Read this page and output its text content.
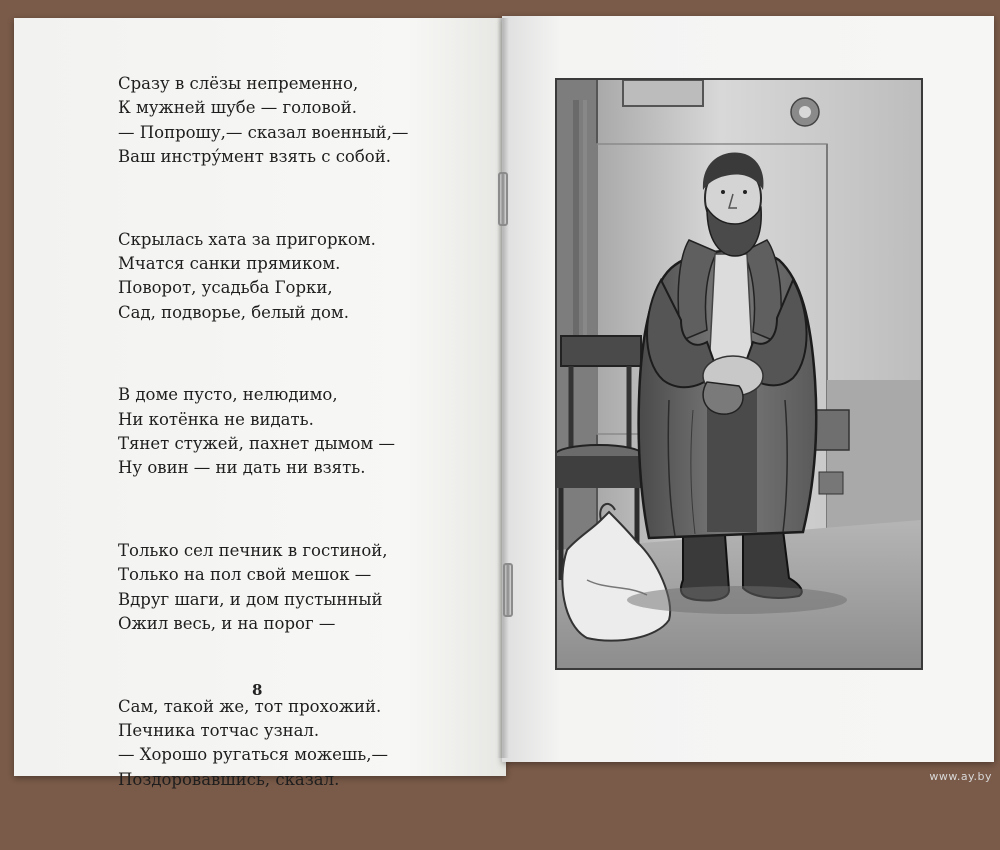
Сразу в слёзы непременно,
К мужней шубе — головой.
— Попрошу,— сказал военный,—
Ваш инстру́мент взять с собой.
Скрылась хата за пригорком.
Мчатся санки прямиком.
Поворот, усадьба Горки,
Сад, подворье, белый дом.
В доме пусто, нелюдимо,
Ни котёнка не видать.
Тянет стужей, пахнет дымом —
Ну овин — ни дать ни взять.
Только сел печник в гостиной,
Только на пол свой мешок —
Вдруг шаги, и дом пустынный
Ожил весь, и на порог —
Сам, такой же, тот прохожий.
Печника тотчас узнал.
— Хорошо ругаться можешь,—
Поздоровавшись, сказал.
8
www.ay.by
